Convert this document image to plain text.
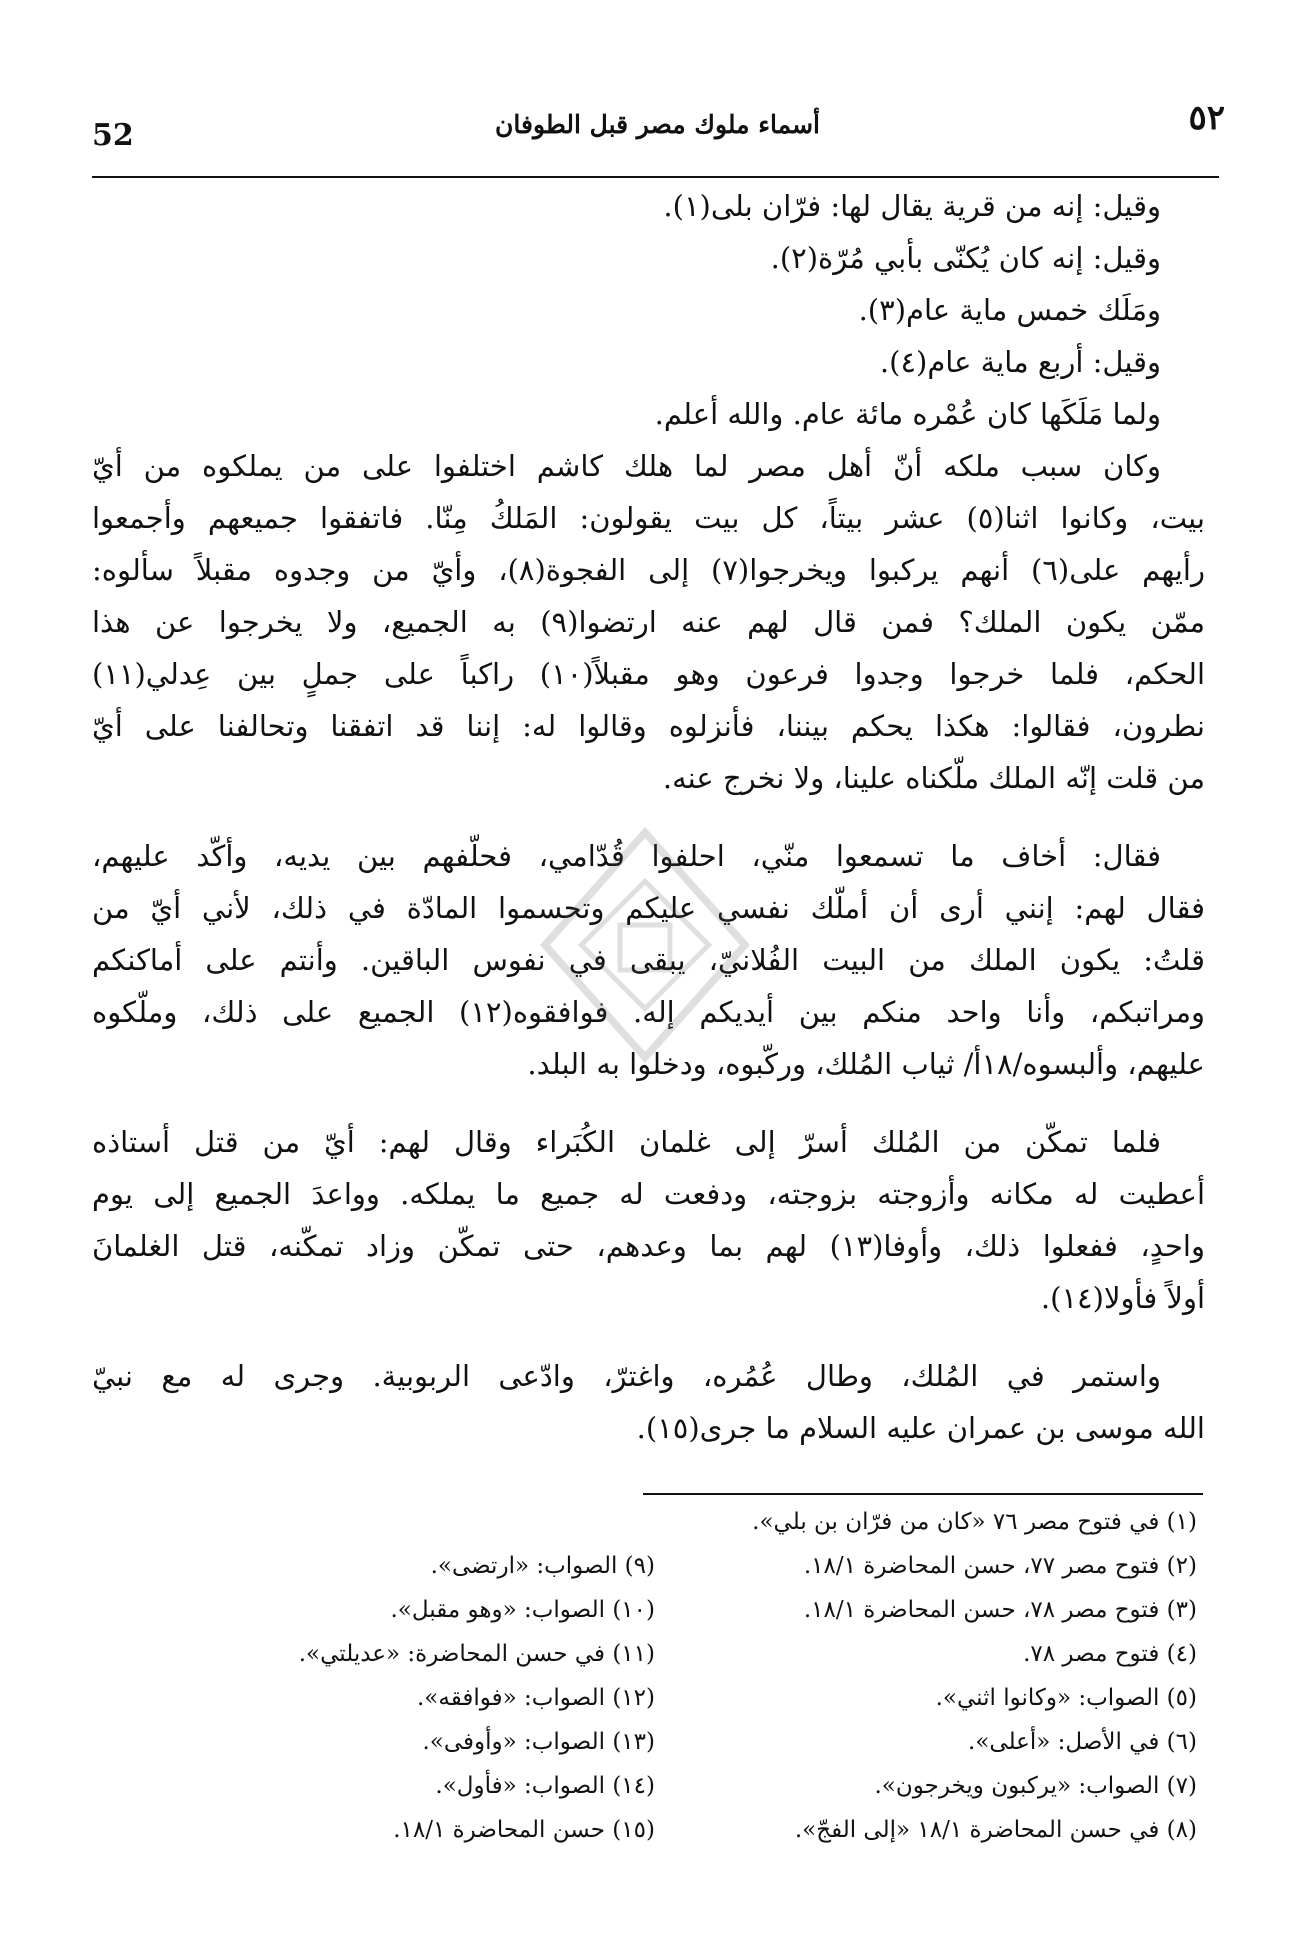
52	أسماء ملوك مصر قبل الطوفان	٥٢
وقيل: إنه من قرية يقال لها: فرّان بلى(١).
وقيل: إنه كان يُكنّى بأبي مُرّة(٢).
ومَلَك خمس ماية عام(٣).
وقيل: أربع ماية عام(٤).
ولما مَلَكَها كان عُمْره مائة عام. والله أعلم.
وكان سبب ملكه أنّ أهل مصر لما هلك كاشم اختلفوا على من يملكوه من أيّ
بيت، وكانوا اثنا(٥) عشر بيتاً، كل بيت يقولون: المَلكُ مِنّا. فاتفقوا جميعهم وأجمعوا
رأيهم على(٦) أنهم يركبوا ويخرجوا(٧) إلى الفجوة(٨)، وأيّ من وجدوه مقبلاً سألوه:
ممّن يكون الملك؟ فمن قال لهم عنه ارتضوا(٩) به الجميع، ولا يخرجوا عن هذا
الحكم، فلما خرجوا وجدوا فرعون وهو مقبلاً(١٠) راكباً على جملٍ بين عِدلي(١١)
نطرون، فقالوا: هكذا يحكم بيننا، فأنزلوه وقالوا له: إننا قد اتفقنا وتحالفنا على أيّ
من قلت إنّه الملك ملّكناه علينا، ولا نخرج عنه.
فقال: أخاف ما تسمعوا منّي، احلفوا قُدّامي، فحلّفهم بين يديه، وأكّد عليهم،
فقال لهم: إنني أرى أن أملّك نفسي عليكم وتحسموا المادّة في ذلك، لأني أيّ من
قلتُ: يكون الملك من البيت الفُلانيّ، يبقى في نفوس الباقين. وأنتم على أماكنكم
ومراتبكم، وأنا واحد منكم بين أيديكم إله. فوافقوه(١٢) الجميع على ذلك، وملّكوه
عليهم، وألبسوه/١٨أ/ ثياب المُلك، وركّبوه، ودخلوا به البلد.
فلما تمكّن من المُلك أسرّ إلى غلمان الكُبَراء وقال لهم: أيّ من قتل أستاذه
أعطيت له مكانه وأزوجته بزوجته، ودفعت له جميع ما يملكه. وواعدَ الجميع إلى يوم
واحدٍ، ففعلوا ذلك، وأوفا(١٣) لهم بما وعدهم، حتى تمكّن وزاد تمكّنه، قتل الغلمانَ
أولاً فأولا(١٤).
واستمر في المُلك، وطال عُمُره، واغترّ، وادّعى الربوبية. وجرى له مع نبيّ
الله موسى بن عمران عليه السلام ما جرى(١٥).
(١) في فتوح مصر ٧٦ «كان من فرّان بن بلي».
(٢) فتوح مصر ٧٧، حسن المحاضرة ١٨/١.
(٣) فتوح مصر ٧٨، حسن المحاضرة ١٨/١.
(٤) فتوح مصر ٧٨.
(٥) الصواب: «وكانوا اثني».
(٦) في الأصل: «أعلى».
(٧) الصواب: «يركبون ويخرجون».
(٨) في حسن المحاضرة ١٨/١ «إلى الفجّ».
(٩) الصواب: «ارتضى».
(١٠) الصواب: «وهو مقبل».
(١١) في حسن المحاضرة: «عديلتي».
(١٢) الصواب: «فوافقه».
(١٣) الصواب: «وأوفى».
(١٤) الصواب: «فأول».
(١٥) حسن المحاضرة ١٨/١.
